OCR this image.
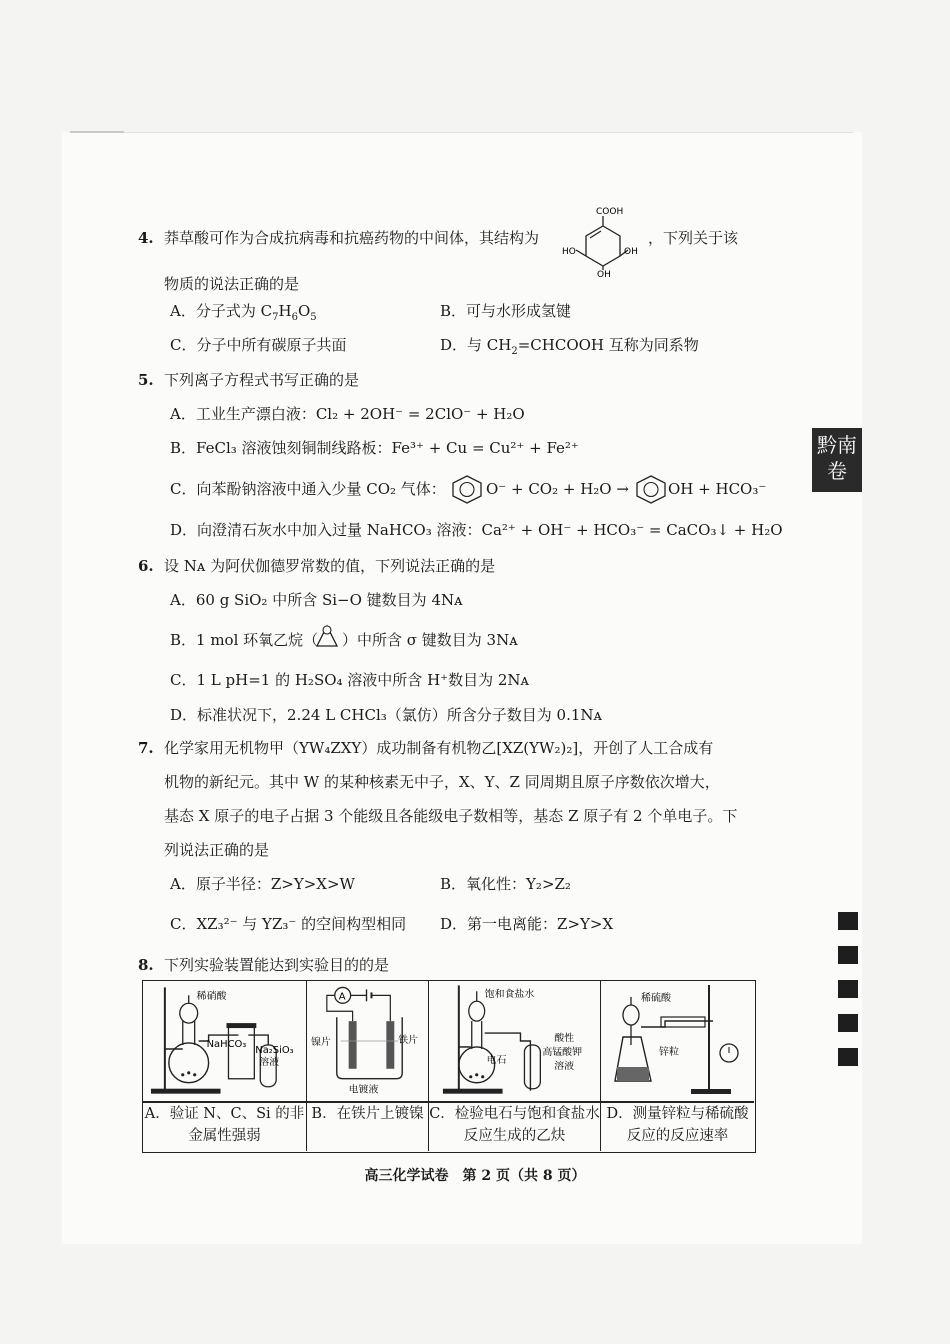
4. 莽草酸可作为合成抗病毒和抗癌药物的中间体，其结构为
COOH
HO	OH
OH
，下列关于该
物质的说法正确的是
A．分子式为 $C_7H_6O_5$	B．可与水形成氢键
C．分子中所有碳原子共面	D．与 $CH_2=CHCOOH$ 互称为同系物
5. 下列离子方程式书写正确的是
A．工业生产漂白液：Cl₂ + 2OH⁻ = 2ClO⁻ + H₂O
B．FeCl₃ 溶液蚀刻铜制线路板：Fe³⁺ + Cu = Cu²⁺ + Fe²⁺
C．向苯酚钠溶液中通入少量 CO₂ 气体：	O⁻ + CO₂ + H₂O →	OH + HCO₃⁻
D．向澄清石灰水中加入过量 NaHCO₃ 溶液：Ca²⁺ + OH⁻ + HCO₃⁻ = CaCO₃↓ + H₂O
6. 设 Nᴀ 为阿伏伽德罗常数的值，下列说法正确的是
A．60 g SiO₂ 中所含 Si−O 键数目为 4Nᴀ
B．1 mol 环氧乙烷（ ）中所含 σ 键数目为 3Nᴀ
C．1 L pH=1 的 H₂SO₄ 溶液中所含 H⁺数目为 2Nᴀ
D．标准状况下，2.24 L CHCl₃（氯仿）所含分子数目为 0.1Nᴀ
7. 化学家用无机物甲（YW₄ZXY）成功制备有机物乙[XZ(YW₂)₂]，开创了人工合成有
机物的新纪元。其中 W 的某种核素无中子，X、Y、Z 同周期且原子序数依次增大，
基态 X 原子的电子占据 3 个能级且各能级电子数相等，基态 Z 原子有 2 个单电子。下
列说法正确的是
A．原子半径：Z>Y>X>W	B．氧化性：Y₂>Z₂
C．XZ₃²⁻ 与 YZ₃⁻ 的空间构型相同 D．第一电离能：Z>Y>X
8. 下列实验装置能达到实验目的的是
稀硝酸
NaHCO₃
Na₂SiO₃
溶液
A．验证 N、C、Si 的非金属性强弱
A
镍片	铁片
电镀液
B．在铁片上镀镍
饱和食盐水
电石
酸性
高锰酸钾
溶液
C．检验电石与饱和食盐水反应生成的乙炔
稀硫酸
锌粒
D．测量锌粒与稀硫酸反应的反应速率
黔南
卷
高三化学试卷　第 2 页（共 8 页）
